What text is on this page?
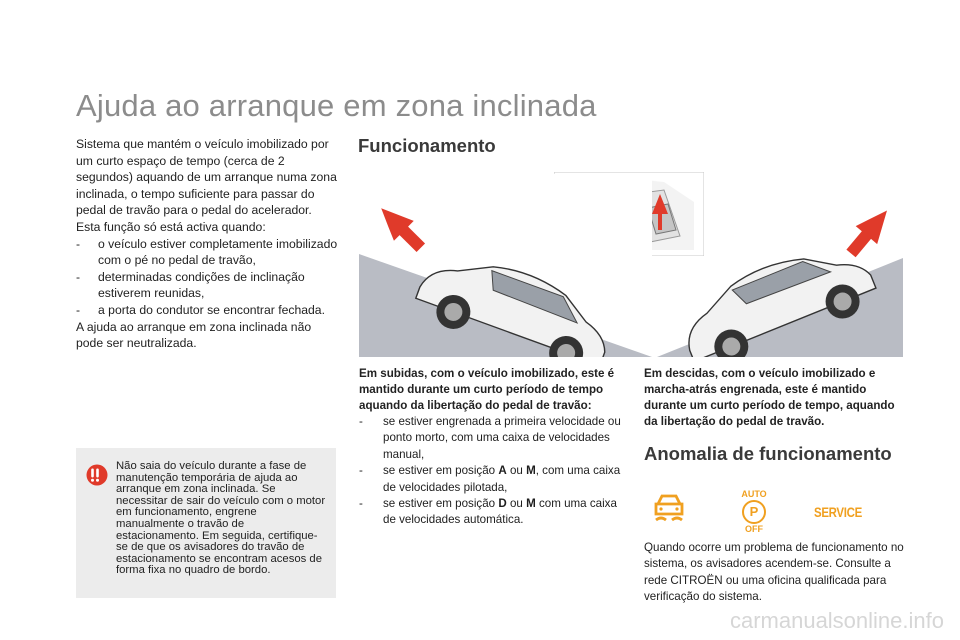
Ajuda ao arranque em zona inclinada

Sistema que mantém o veículo imobilizado por um curto espaço de tempo (cerca de 2 segundos) aquando de um arranque numa zona inclinada, o tempo suficiente para passar do pedal de travão para o pedal do acelerador.

Esta função só está activa quando:

-	o veículo estiver completamente imobilizado com o pé no pedal de travão,
-	determinadas condições de inclinação estiverem reunidas,
-	a porta do condutor se encontrar fechada.

A ajuda ao arranque em zona inclinada não pode ser neutralizada.

Não saia do veículo durante a fase de manutenção temporária de ajuda ao arranque em zona inclinada. Se necessitar de sair do veículo com o motor em funcionamento, engrene manualmente o travão de estacionamento. Em seguida, certifique-se de que os avisadores do travão de estacionamento se encontram acesos de forma fixa no quadro de bordo.
Funcionamento
Em subidas, com o veículo imobilizado, este é mantido durante um curto período de tempo aquando da libertação do pedal de travão:
-	se estiver engrenada a primeira velocidade ou ponto morto, com uma caixa de velocidades manual,
-	se estiver em posição A ou M, com uma caixa de velocidades pilotada,
-	se estiver em posição D ou M com uma caixa de velocidades automática.
Em descidas, com o veículo imobilizado e marcha-atrás engrenada, este é mantido durante um curto período de tempo, aquando da libertação do pedal de travão.
Anomalia de funcionamento
AUTO
P
OFF
SERVICE
Quando ocorre um problema de funcionamento no sistema, os avisadores acendem-se. Consulte a rede CITROËN ou uma oficina qualificada para verificação do sistema.
carmanualsonline.info
